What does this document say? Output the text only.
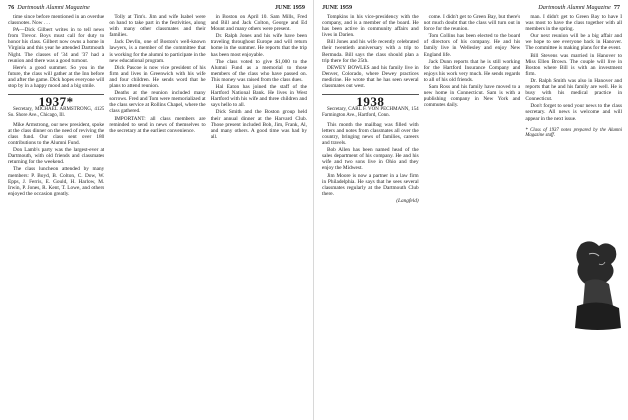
76 Dartmouth Alumni Magazine	JUNE 1959

time since before mentioned in an overdue classnotes. Now . . .

PA—Dick Gilbert writes in to tell news from Trevor. Boys must call for duty to honor his class. Gilbert now owns a home in Virginia and this year he attended Dartmouth Night. The classes of '34 and '37 had a reunion and there was a good turnout.

Here's a good summer. So you in the future, the class will gather at the Inn before and after the game. Dick hopes everyone will stop by in a happy mood and a big smile.

1937*
Secretary, MICHAEL ARMSTRONG, 4125 So. Shore Ave., Chicago, Ill.

Mike Armstrong, our new president, spoke at the class dinner on the need of reviving the class fund. Our class sent over 180 contributions to the Alumni Fund.

Don Lamb's party was the largest-ever at Dartmouth, with old friends and classmates returning for the weekend.

The class luncheon attended by many members: P. Boyd, B. Colton, C. Dow, W. Epps, J. Ferris, E. Gould, H. Harlow, M. Irwin, P. Jones, R. Kent, T. Lowe, and others enjoyed the occasion greatly.

Tolly at Tim's. Jim and wife Isabel were on hand to take part in the festivities, along with many other classmates and their families.

Jack Devlin, one of Boston's well-known lawyers, is a member of the committee that is working for the alumni to participate in the new educational program.

Dick Pascoe is now vice president of his firm and lives in Greenwich with his wife and four children. He sends word that he plans to attend reunion.

Deaths at the reunion included many sorrows. Fred and Tom were memorialized at the class service at Rollins Chapel, where the class gathered.

IMPORTANT: all class members are reminded to send in news of themselves to the secretary at the earliest convenience.

in Boston on April 10. Sam Mills, Fred and Bill and Jack Colton, George and Ed Mount and many others were present.

Dr. Ralph Jones and his wife have been traveling throughout Europe and will return home in the summer. He reports that the trip has been most enjoyable.

The class voted to give $1,000 to the Alumni Fund as a memorial to those members of the class who have passed on. This money was raised from the class dues.

Hal Eaton has joined the staff of the Hartford National Bank. He lives in West Hartford with his wife and three children and says hello to all.

Dick Smith and the Boston group held their annual dinner at the Harvard Club. Those present included Bob, Jim, Frank, Al, and many others. A good time was had by all.

JUNE 1959	Dartmouth Alumni Magazine 77

Tompkins in his vice-presidency with the company, and is a member of the board. He has been active in community affairs and lives in Darien.

Bill Jones and his wife recently celebrated their twentieth anniversary with a trip to Bermuda. Bill says the class should plan a trip there for the 25th.

DEWEY BOWLES and his family live in Denver, Colorado, where Dewey practices medicine. He wrote that he has seen several classmates out west.

1938
Secretary, CARL F. VON PECHMANN, 154 Farmington Ave., Hartford, Conn.

This month the mailbag was filled with letters and notes from classmates all over the country, bringing news of families, careers and travels.

Bob Allen has been named head of the sales department of his company. He and his wife and two sons live in Ohio and they enjoy the Midwest.

Jim Moore is now a partner in a law firm in Philadelphia. He says that he sees several classmates regularly at the Dartmouth Club there.

(Langfeld)

come. I didn't get to Green Bay, but there's not much doubt that the class will turn out in force for the reunion.

Tom Collins has been elected to the board of directors of his company. He and his family live in Wellesley and enjoy New England life.

Jack Dunn reports that he is still working for the Hartford Insurance Company and enjoys his work very much. He sends regards to all of his old friends.

Sam Ross and his family have moved to a new home in Connecticut. Sam is with a publishing company in New York and commutes daily.

man. I didn't get to Green Bay to have I was most to have the class together with all members in the spring.

Our next reunion will be a big affair and we hope to see everyone back in Hanover. The committee is making plans for the event.

Bill Stevens was married in Hanover to Miss Ellen Brown. The couple will live in Boston where Bill is with an investment firm.

Dr. Ralph Smith was also in Hanover and reports that he and his family are well. He is busy with his medical practice in Connecticut.

Don't forget to send your news to the class secretary. All news is welcome and will appear in the next issue.

* Class of 1937 notes prepared by the Alumni Magazine staff.
